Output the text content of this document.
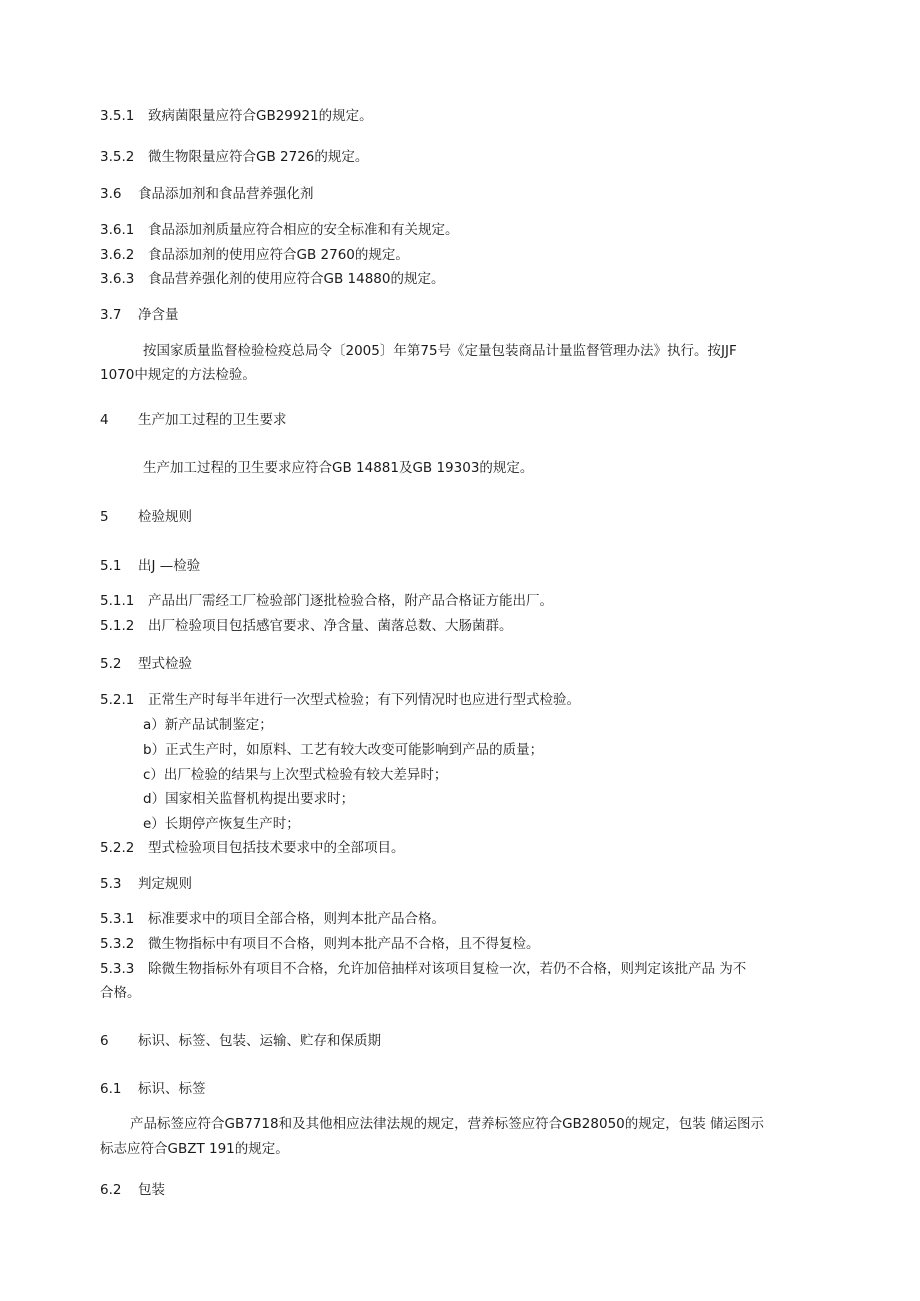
3.5.1 致病菌限量应符合GB29921的规定。
3.5.2 微生物限量应符合GB 2726的规定。
3.6 食品添加剂和食品营养强化剂
3.6.1 食品添加剂质量应符合相应的安全标准和有关规定。
3.6.2 食品添加剂的使用应符合GB 2760的规定。
3.6.3 食品营养强化剂的使用应符合GB 14880的规定。
3.7 净含量
按国家质量监督检验检疫总局令〔2005〕年第75号《定量包装商品计量监督管理办法》执行。按JJF
1070中规定的方法检验。
4 生产加工过程的卫生要求
生产加工过程的卫生要求应符合GB 14881及GB 19303的规定。
5 检验规则
5.1 出J —检验
5.1.1 产品出厂需经工厂检验部门逐批检验合格，附产品合格证方能出厂。
5.1.2 出厂检验项目包括感官要求、净含量、菌落总数、大肠菌群。
5.2 型式检验
5.2.1 正常生产时每半年进行一次型式检验；有下列情况时也应进行型式检验。
a）新产品试制鉴定；
b）正式生产时，如原料、工艺有较大改变可能影响到产品的质量；
c）出厂检验的结果与上次型式检验有较大差异时；
d）国家相关监督机构提出要求时；
e）长期停产恢复生产时；
5.2.2 型式检验项目包括技术要求中的全部项目。
5.3 判定规则
5.3.1 标准要求中的项目全部合格，则判本批产品合格。
5.3.2 微生物指标中有项目不合格，则判本批产品不合格，且不得复检。
5.3.3 除微生物指标外有项目不合格，允许加倍抽样对该项目复检一次，若仍不合格，则判定该批产品 为不
合格。
6 标识、标签、包装、运输、贮存和保质期
6.1 标识、标签
产品标签应符合GB7718和及其他相应法律法规的规定，营养标签应符合GB28050的规定，包装 储运图示
标志应符合GBZT 191的规定。
6.2 包装
